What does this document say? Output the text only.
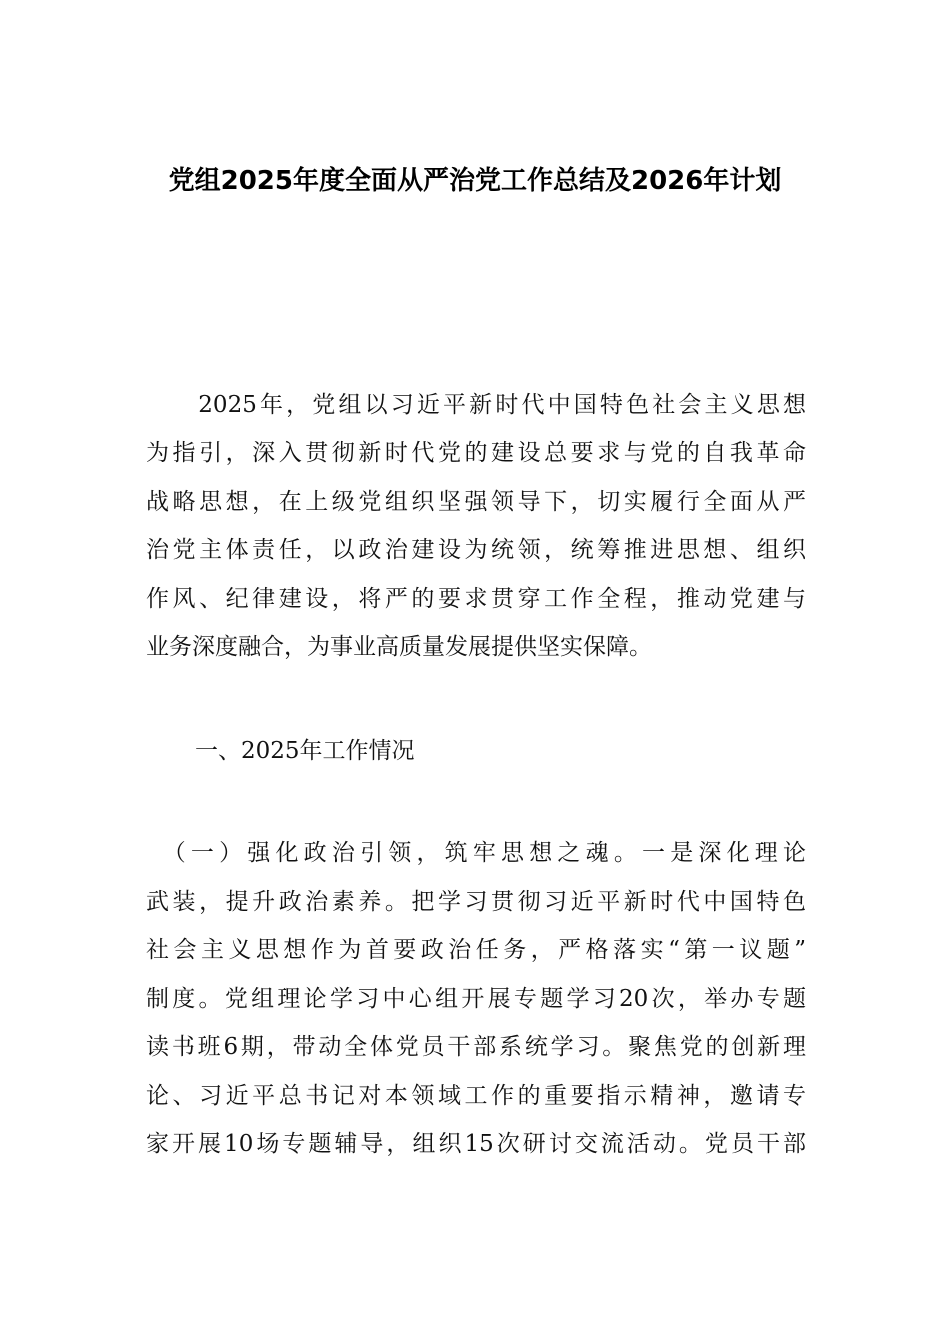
党组2025年度全面从严治党工作总结及2026年计划
　　2025年，党组以习近平新时代中国特色社会主义思想
为指引，深入贯彻新时代党的建设总要求与党的自我革命
战略思想，在上级党组织坚强领导下，切实履行全面从严
治党主体责任，以政治建设为统领，统筹推进思想、组织
作风、纪律建设，将严的要求贯穿工作全程，推动党建与
业务深度融合，为事业高质量发展提供坚实保障。
一、2025年工作情况
　（一）强化政治引领，筑牢思想之魂。一是深化理论
武装，提升政治素养。把学习贯彻习近平新时代中国特色
社会主义思想作为首要政治任务，严格落实“第一议题”
制度。党组理论学习中心组开展专题学习20次，举办专题
读书班6期，带动全体党员干部系统学习。聚焦党的创新理
论、习近平总书记对本领域工作的重要指示精神，邀请专
家开展10场专题辅导，组织15次研讨交流活动。党员干部
